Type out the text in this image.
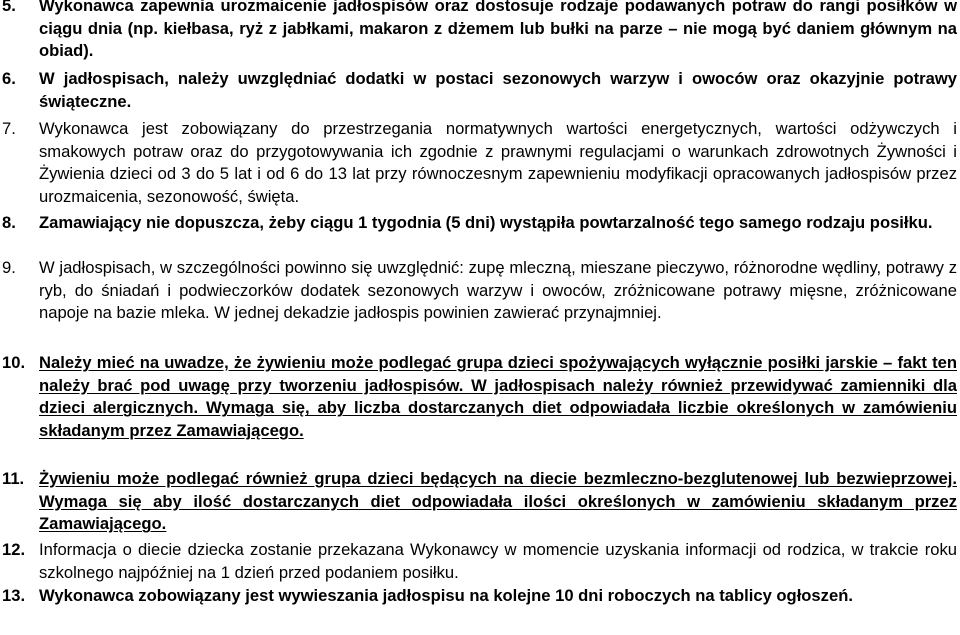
5.	Wykonawca zapewnia urozmaicenie jadłospisów oraz dostosuje rodzaje podawanych potraw do rangi posiłków w ciągu dnia (np. kiełbasa, ryż z jabłkami, makaron z dżemem lub bułki na parze – nie mogą być daniem głównym na obiad).
6.	W jadłospisach, należy uwzględniać dodatki w postaci sezonowych warzyw i owoców oraz okazyjnie potrawy świąteczne.
7.	Wykonawca jest zobowiązany do przestrzegania normatywnych wartości energetycznych, wartości odżywczych i smakowych potraw oraz do przygotowywania ich zgodnie z prawnymi regulacjami o warunkach zdrowotnych Żywności i Żywienia dzieci od 3 do 5 lat i od 6 do 13 lat przy równoczesnym zapewnieniu modyfikacji opracowanych jadłospisów przez urozmaicenia, sezonowość, święta.
8.	Zamawiający nie dopuszcza, żeby ciągu 1 tygodnia (5 dni) wystąpiła powtarzalność tego samego rodzaju posiłku.
9.	W jadłospisach, w szczególności powinno się uwzględnić: zupę mleczną, mieszane pieczywo, różnorodne wędliny, potrawy z ryb, do śniadań i podwieczorków dodatek sezonowych warzyw i owoców, zróżnicowane potrawy mięsne, zróżnicowane napoje na bazie mleka. W jednej dekadzie jadłospis powinien zawierać przynajmniej.
10. Należy mieć na uwadze, że żywieniu może podlegać grupa dzieci spożywających wyłącznie posiłki jarskie – fakt ten należy brać pod uwagę przy tworzeniu jadłospisów. W jadłospisach należy również przewidywać zamienniki dla dzieci alergicznych. Wymaga się, aby liczba dostarczanych diet odpowiadała liczbie określonych w zamówieniu składanym przez Zamawiającego.
11. Żywieniu może podlegać również grupa dzieci będących na diecie bezmleczno-bezglutenowej lub bezwieprzowej. Wymaga się aby ilość dostarczanych diet odpowiadała ilości określonych w zamówieniu składanym przez Zamawiającego.
12. Informacja o diecie dziecka zostanie przekazana Wykonawcy w momencie uzyskania informacji od rodzica, w trakcie roku szkolnego najpóźniej na 1 dzień przed podaniem posiłku.
13. Wykonawca zobowiązany jest wywieszania jadłospisu na kolejne 10 dni roboczych na tablicy ogłoszeń.
